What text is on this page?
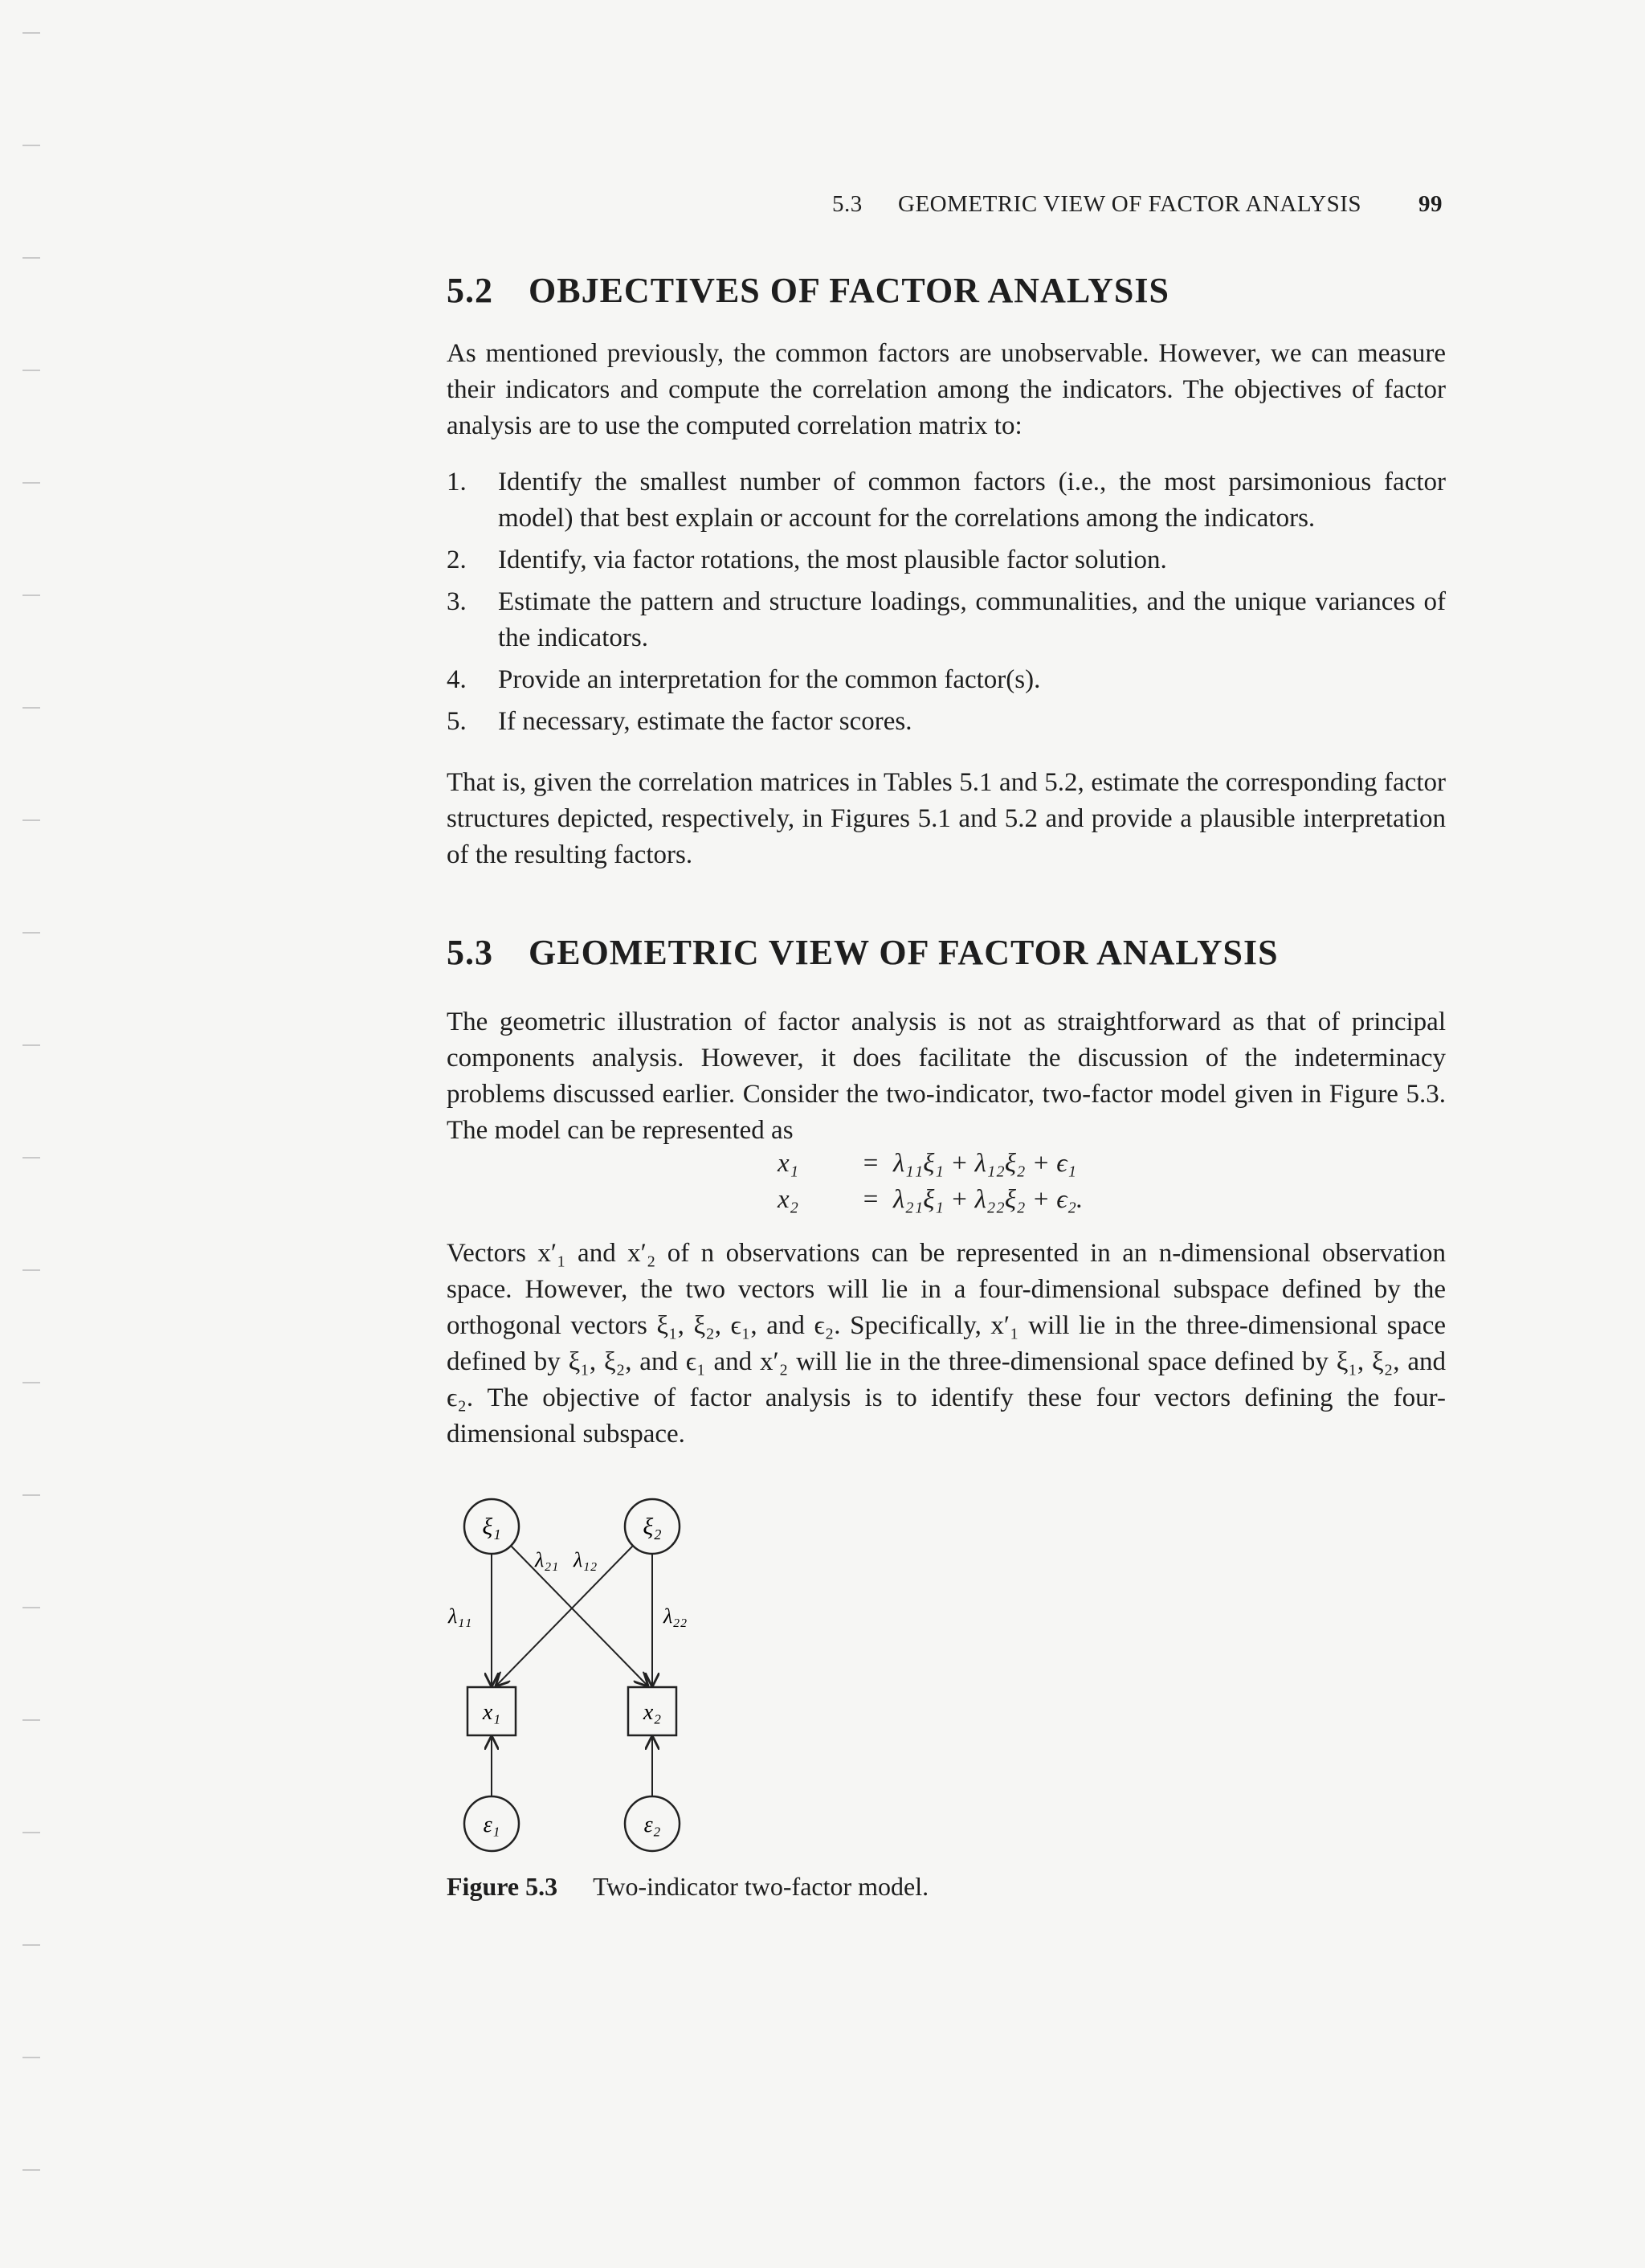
5.3 GEOMETRIC VIEW OF FACTOR ANALYSIS 99
5.2 OBJECTIVES OF FACTOR ANALYSIS

As mentioned previously, the common factors are unobservable. However, we can measure their indicators and compute the correlation among the indicators. The objectives of factor analysis are to use the computed correlation matrix to:

1. Identify the smallest number of common factors (i.e., the most parsimonious factor model) that best explain or account for the correlations among the indicators.
2. Identify, via factor rotations, the most plausible factor solution.
3. Estimate the pattern and structure loadings, communalities, and the unique variances of the indicators.
4. Provide an interpretation for the common factor(s).
5. If necessary, estimate the factor scores.

That is, given the correlation matrices in Tables 5.1 and 5.2, estimate the corresponding factor structures depicted, respectively, in Figures 5.1 and 5.2 and provide a plausible interpretation of the resulting factors.

5.3 GEOMETRIC VIEW OF FACTOR ANALYSIS

The geometric illustration of factor analysis is not as straightforward as that of principal components analysis. However, it does facilitate the discussion of the indeterminacy problems discussed earlier. Consider the two-indicator, two-factor model given in Figure 5.3. The model can be represented as

x₁	= λ₁₁ξ₁ + λ₁₂ξ₂ + ϵ₁
x₂	= λ₂₁ξ₁ + λ₂₂ξ₂ + ϵ₂.

Vectors x′₁ and x′₂ of n observations can be represented in an n-dimensional observation space. However, the two vectors will lie in a four-dimensional subspace defined by the orthogonal vectors ξ₁, ξ₂, ϵ₁, and ϵ₂. Specifically, x′₁ will lie in the three-dimensional space defined by ξ₁, ξ₂, and ϵ₁ and x′₂ will lie in the three-dimensional space defined by ξ₁, ξ₂, and ϵ₂. The objective of factor analysis is to identify these four vectors defining the four-dimensional subspace.

Figure 5.3 Two-indicator two-factor model.
ξ₁	ξ₂
x₁	x₂
ε₁	ε₂
λ₁₁	λ₂₂
λ₂₁ λ₁₂
